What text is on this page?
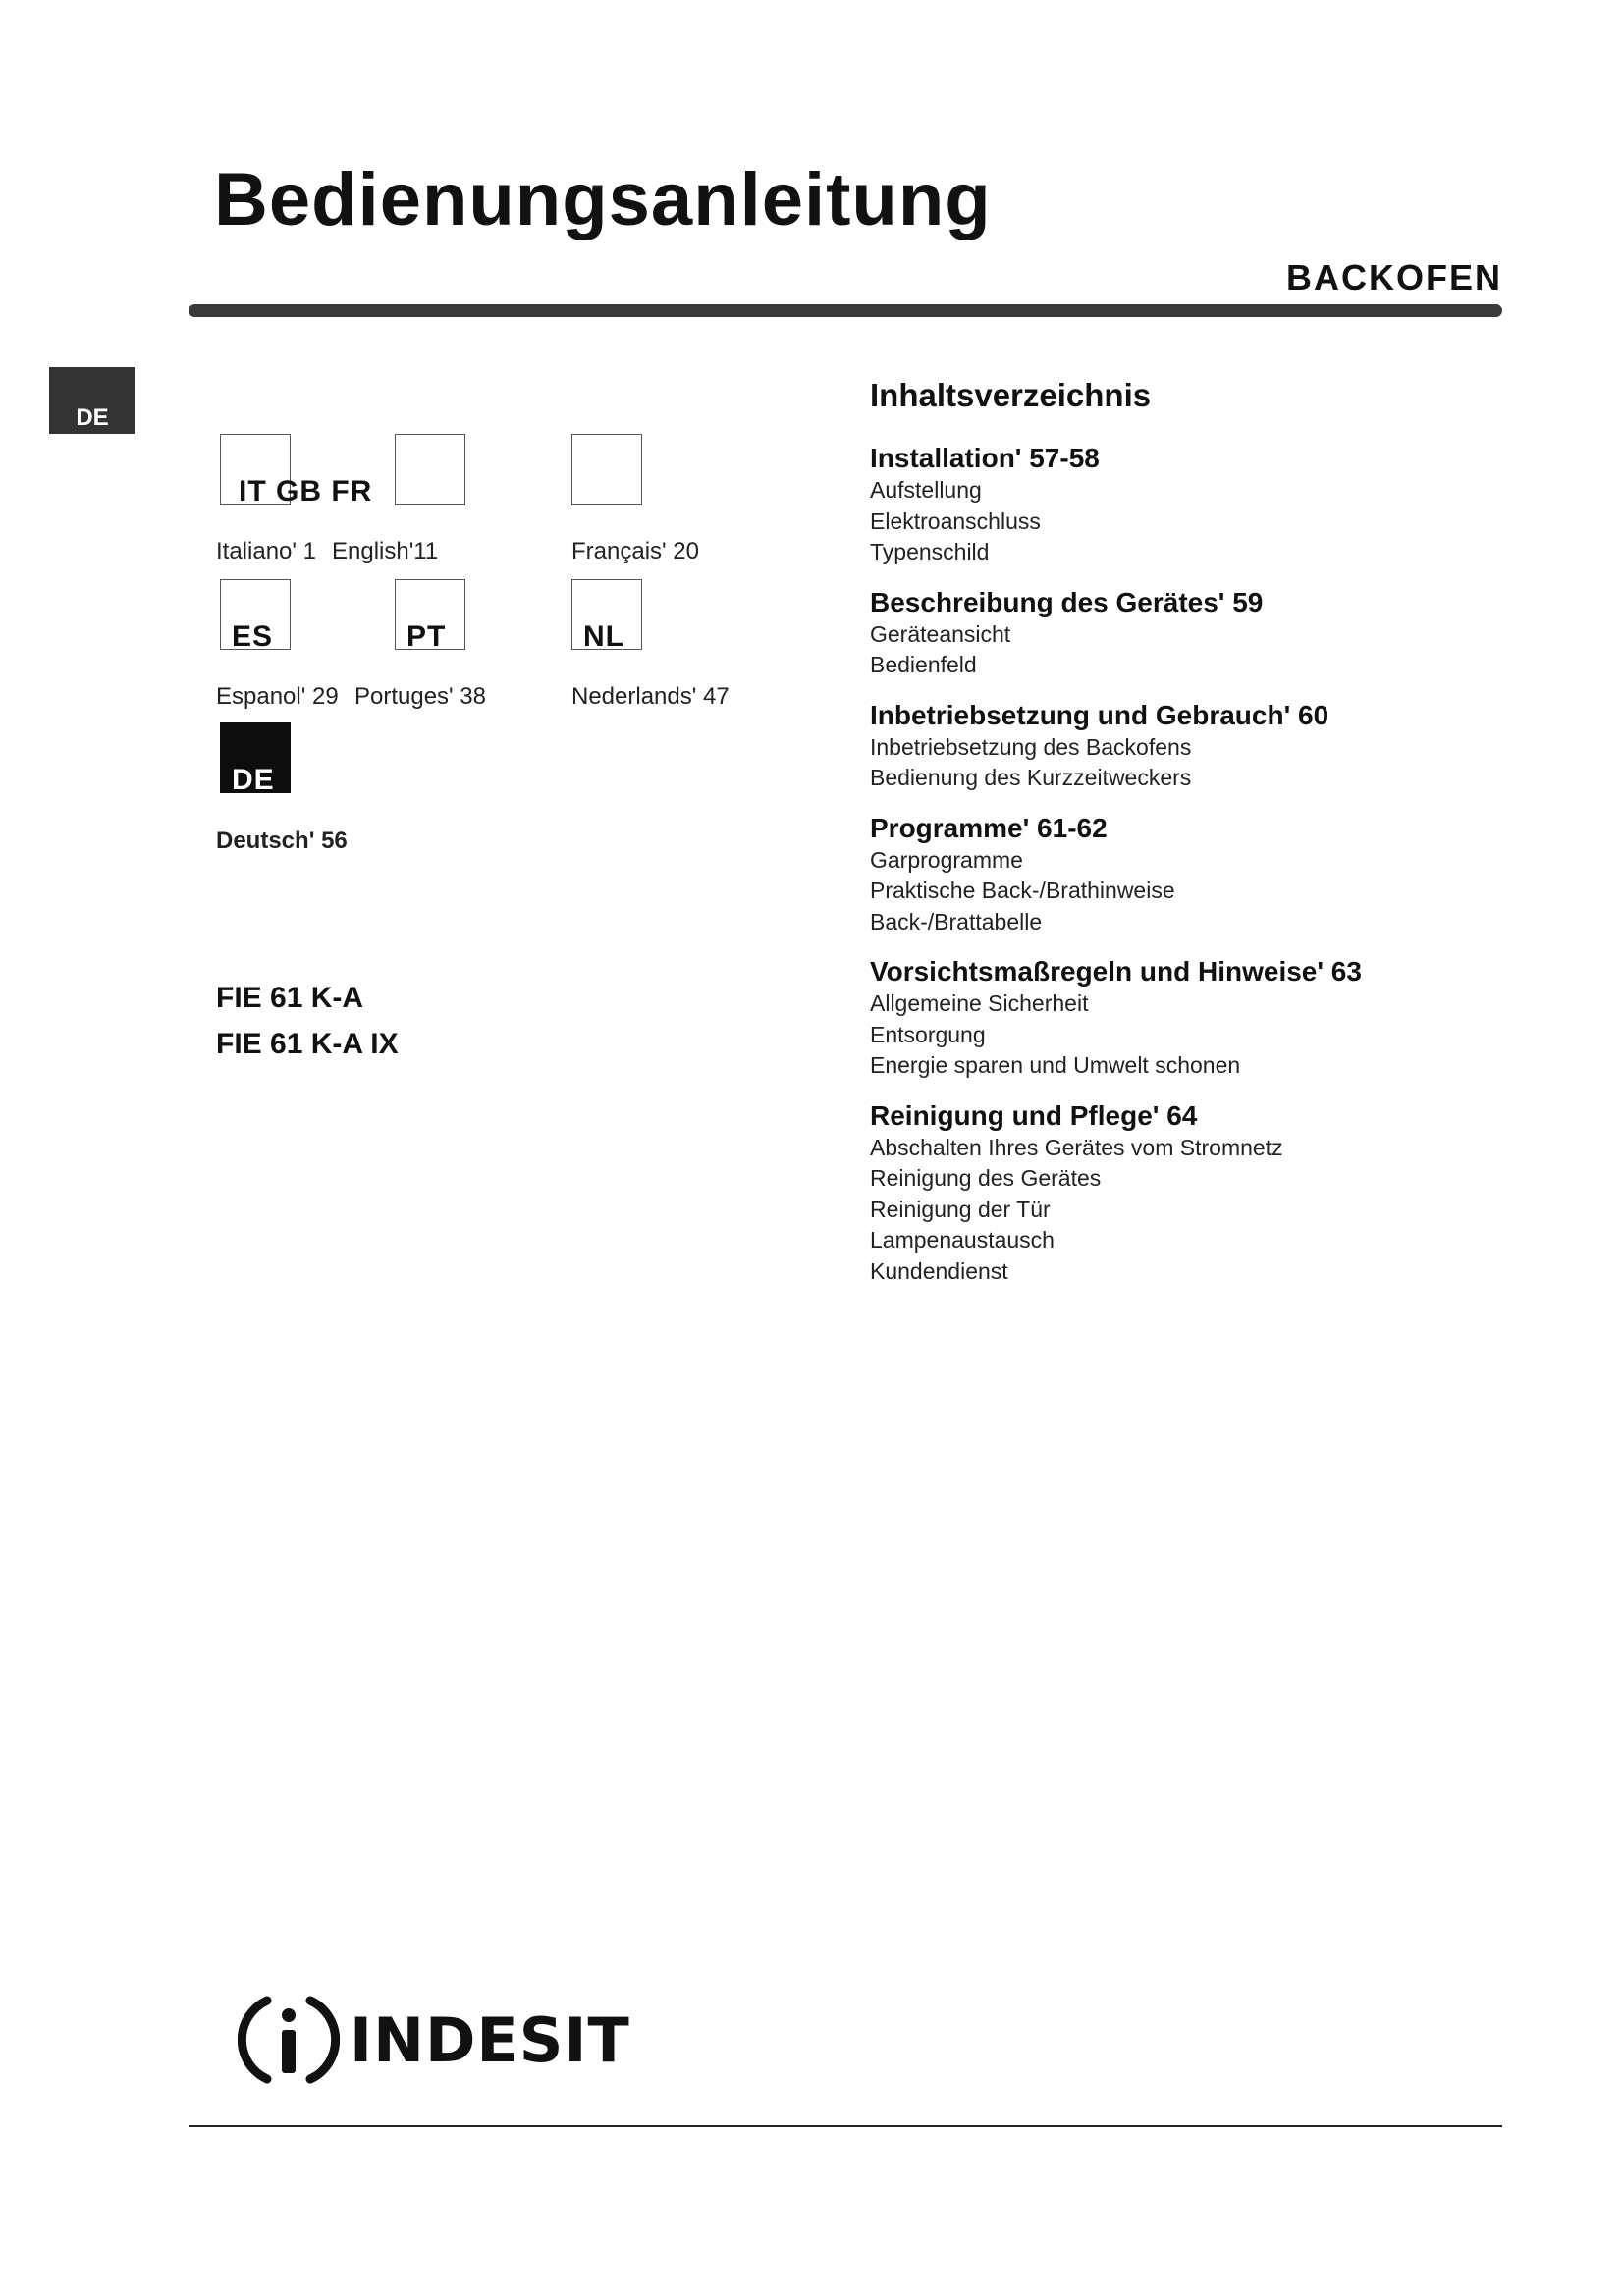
Bedienungsanleitung
BACKOFEN
DE
IT GB FR
Italiano' 1 English'11	Français' 20
ES	PT	NL
Espanol' 29 Portuges' 38	Nederlands' 47
DE
Deutsch' 56
FIE 61 K-A
FIE 61 K-A IX
Inhaltsverzeichnis
Installation' 57-58
Aufstellung
Elektroanschluss
Typenschild
Beschreibung des Gerätes' 59
Geräteansicht
Bedienfeld
Inbetriebsetzung und Gebrauch' 60
Inbetriebsetzung des Backofens
Bedienung des Kurzzeitweckers
Programme' 61-62
Garprogramme
Praktische Back-/Brathinweise
Back-/Brattabelle
Vorsichtsmaßregeln und Hinweise' 63
Allgemeine Sicherheit
Entsorgung
Energie sparen und Umwelt schonen
Reinigung und Pflege' 64
Abschalten Ihres Gerätes vom Stromnetz
Reinigung des Gerätes
Reinigung der Tür
Lampenaustausch
Kundendienst
INDESIT
